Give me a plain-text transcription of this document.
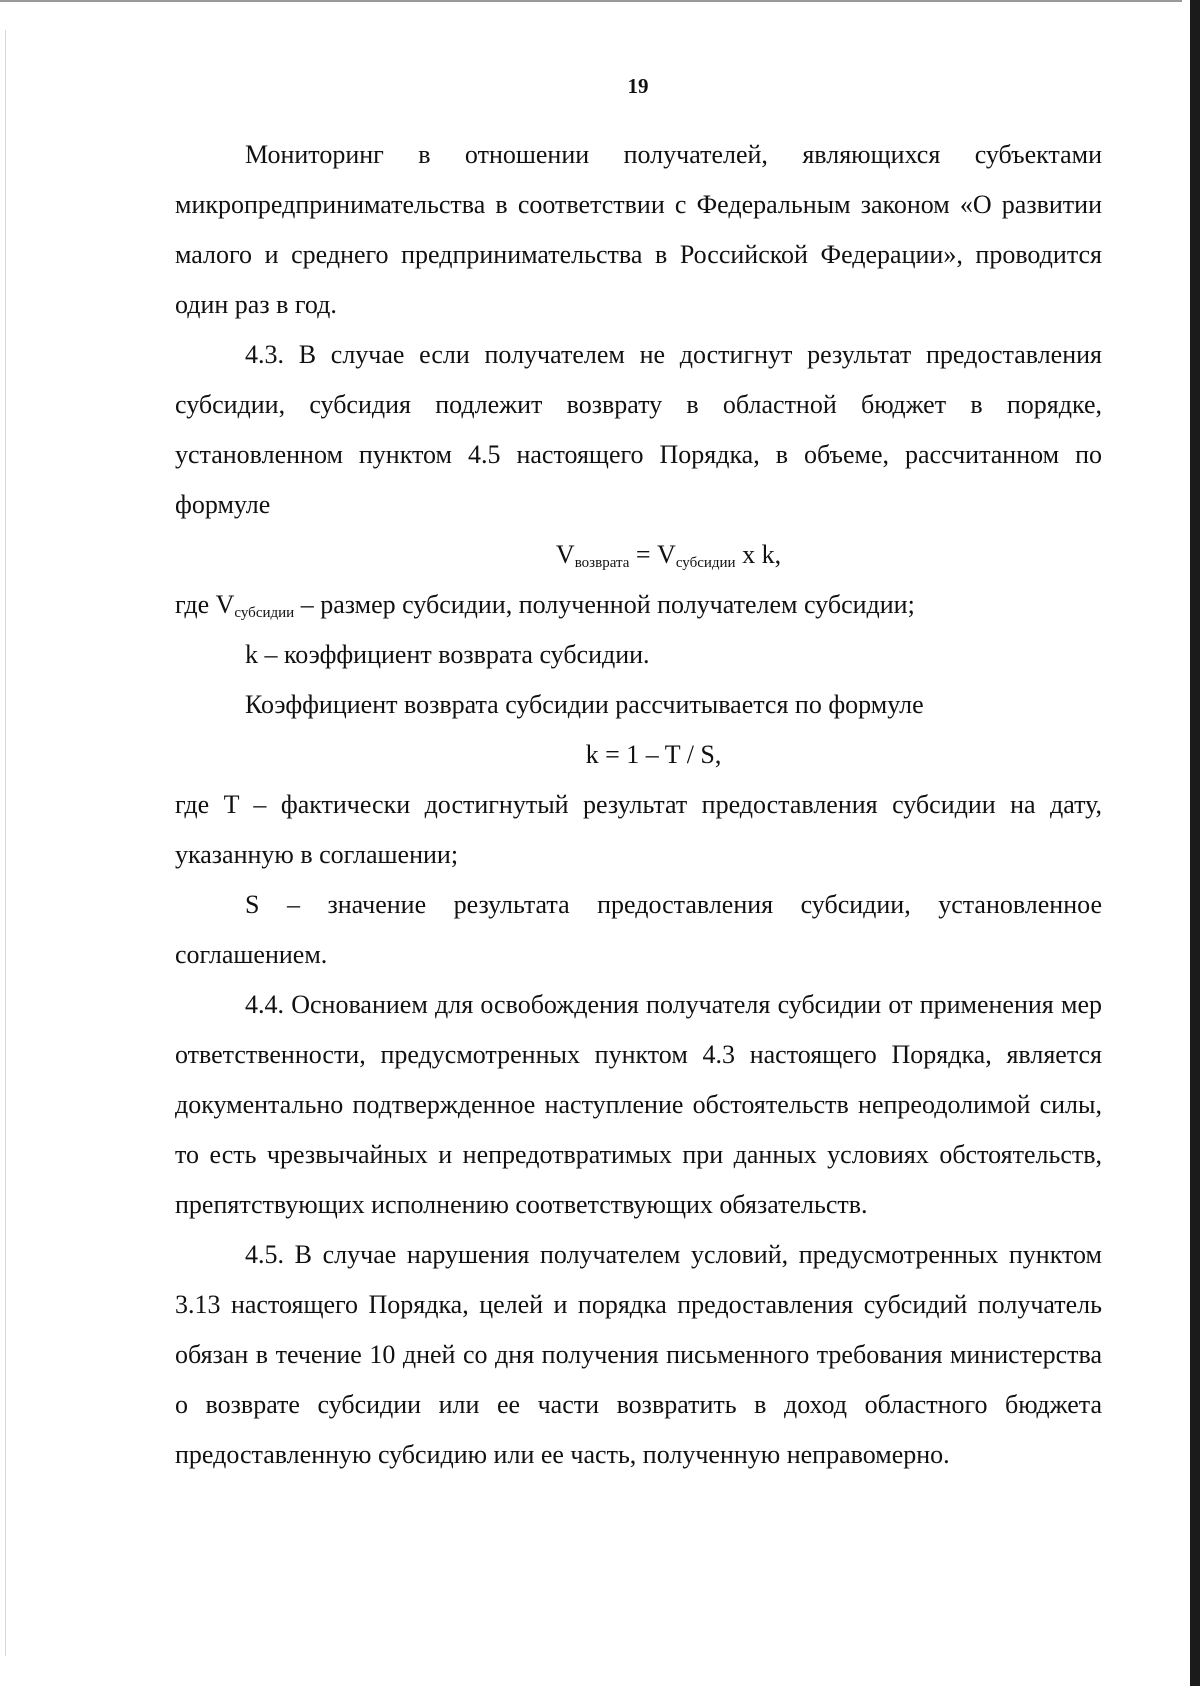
19

Мониторинг в отношении получателей, являющихся субъектами микропредпринимательства в соответствии с Федеральным законом «О развитии малого и среднего предпринимательства в Российской Федерации», проводится один раз в год.

4.3. В случае если получателем не достигнут результат предоставления субсидии, субсидия подлежит возврату в областной бюджет в порядке, установленном пунктом 4.5 настоящего Порядка, в объеме, рассчитанном по формуле

$V_{возврата} = V_{субсидии}$ x k,

где $V_{субсидии}$ – размер субсидии, полученной получателем субсидии;

k – коэффициент возврата субсидии.

Коэффициент возврата субсидии рассчитывается по формуле

k = 1 – T / S,

где T – фактически достигнутый результат предоставления субсидии на дату, указанную в соглашении;

S – значение результата предоставления субсидии, установленное соглашением.

4.4. Основанием для освобождения получателя субсидии от применения мер ответственности, предусмотренных пунктом 4.3 настоящего Порядка, является документально подтвержденное наступление обстоятельств непреодолимой силы, то есть чрезвычайных и непредотвратимых при данных условиях обстоятельств, препятствующих исполнению соответствующих обязательств.

4.5. В случае нарушения получателем условий, предусмотренных пунктом 3.13 настоящего Порядка, целей и порядка предоставления субсидий получатель обязан в течение 10 дней со дня получения письменного требования министерства о возврате субсидии или ее части возвратить в доход областного бюджета предоставленную субсидию или ее часть, полученную неправомерно.
